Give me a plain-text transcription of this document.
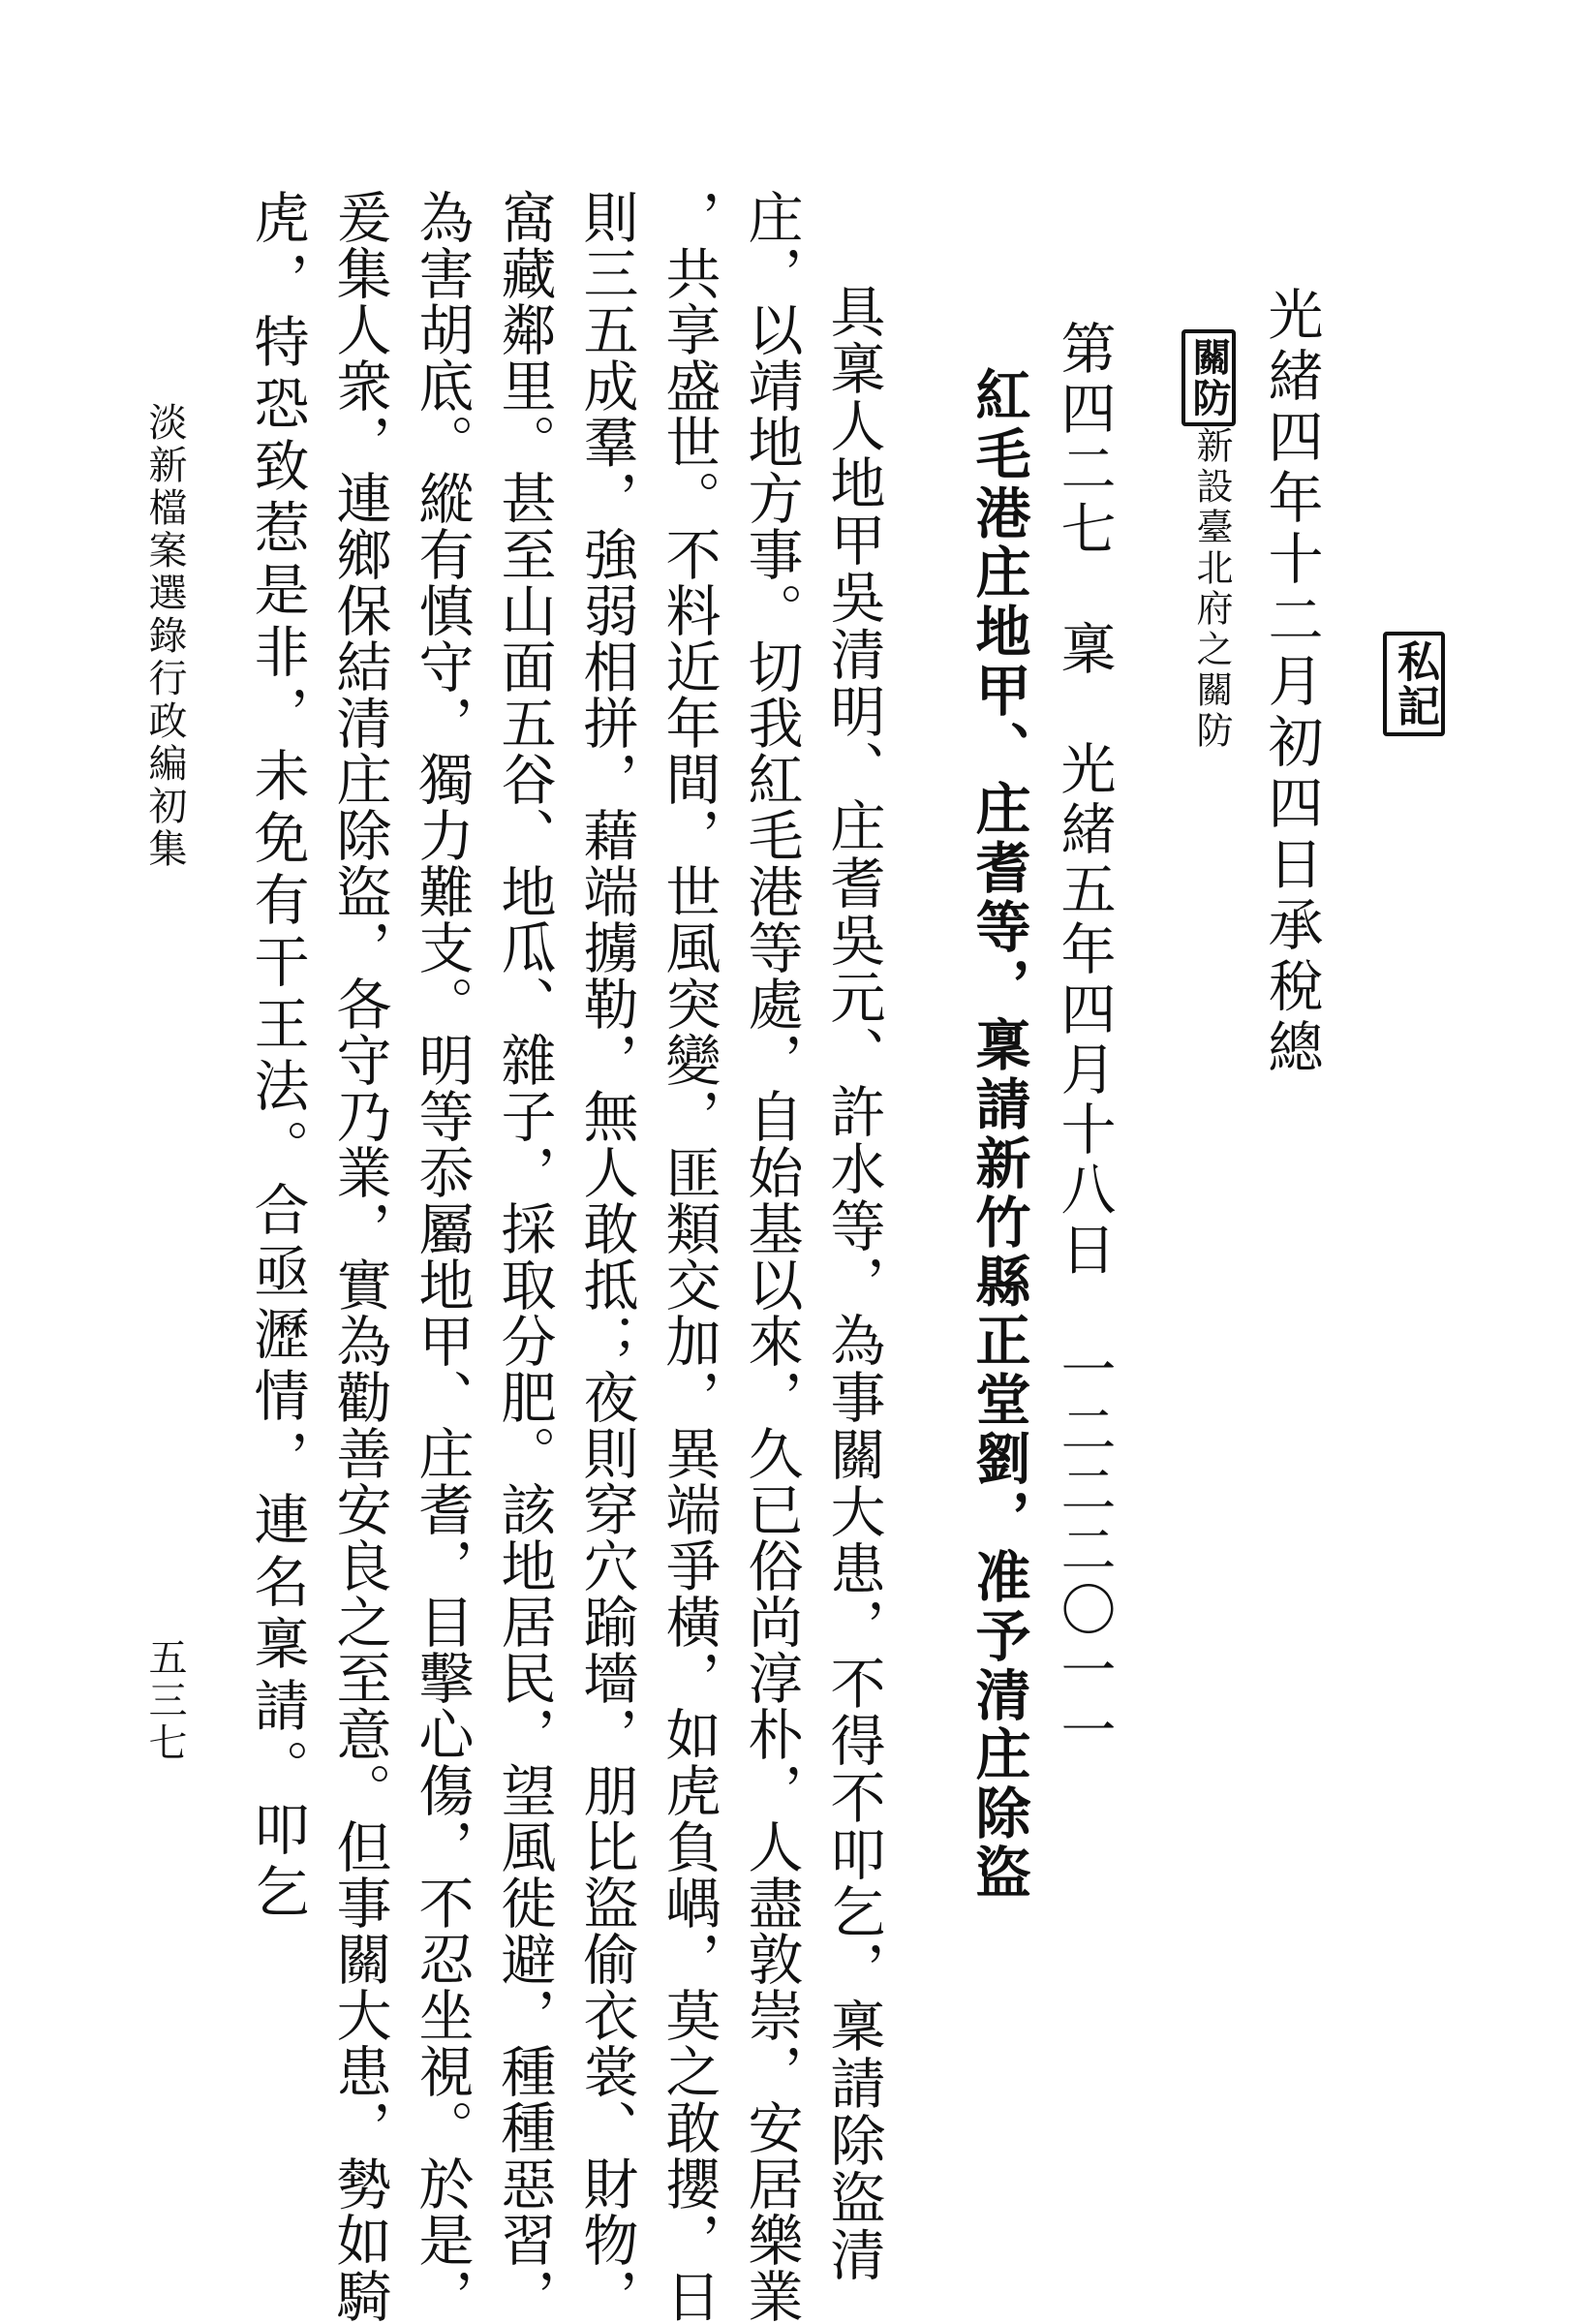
私記
光緒四年十二月初四日承稅總
關防
新設臺北府之關防
第四二七　稟　光緒五年四月十八日　一二二二〇一一
紅毛港庄地甲、庄耆等，稟請新竹縣正堂劉，准予清庄除盜
具稟人地甲吳清明、庄耆吳元、許水等，為事關大患，不得不叩乞，稟請除盜清
庄，以靖地方事。切我紅毛港等處，自始基以來，久已俗尚淳朴，人盡敦崇，安居樂業
，共享盛世。不料近年間，世風突變，匪類交加，異端爭橫，如虎負嵎，莫之敢攖，日
則三五成羣，強弱相拼，藉端擄勒，無人敢抵；夜則穿穴踰墻，朋比盜偷衣裳、財物，
窩藏鄰里。甚至山面五谷、地瓜、雜子，採取分肥。該地居民，望風徙避，種種惡習，
為害胡底。縱有慎守，獨力難支。明等忝屬地甲、庄耆，目擊心傷，不忍坐視。於是，
爰集人衆，連鄉保結清庄除盜，各守乃業，實為勸善安良之至意。但事關大患，勢如騎
虎，特恐致惹是非，未免有干王法。合亟瀝情，連名稟請。叩乞
淡新檔案選錄行政編初集
五三七
